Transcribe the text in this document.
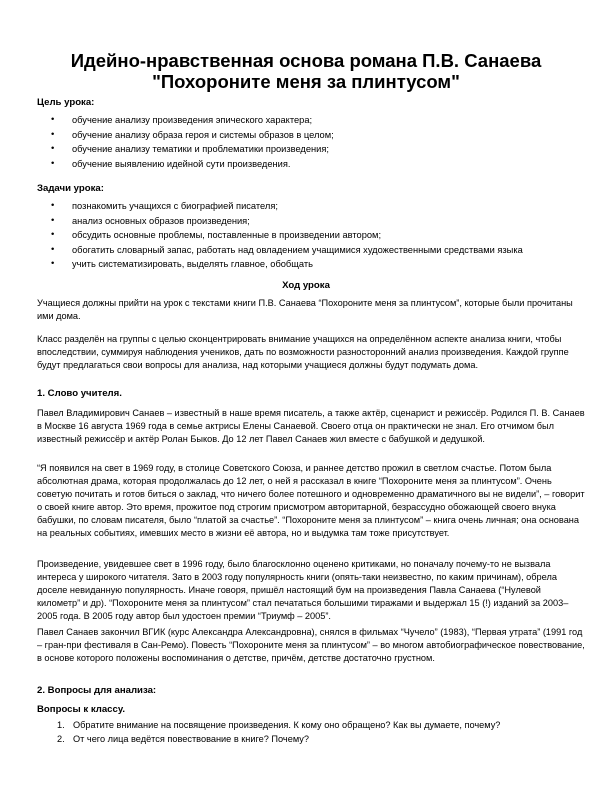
Идейно-нравственная основа романа П.В. Санаева
"Похороните меня за плинтусом"
Цель урока:
• обучение анализу произведения эпического характера;
• обучение анализу образа героя и системы образов в целом;
• обучение анализу тематики и проблематики произведения;
• обучение выявлению идейной сути произведения.
Задачи урока:
• познакомить учащихся с биографией писателя;
• анализ основных образов произведения;
• обсудить основные проблемы, поставленные в произведении автором;
• обогатить словарный запас, работать над овладением учащимися художественными средствами языка
• учить систематизировать, выделять главное, обобщать
Ход урока

Учащиеся должны прийти на урок с текстами книги П.В. Санаева “Похороните меня за плинтусом”, которые были прочитаны ими дома.

Класс разделён на группы с целью сконцентрировать внимание учащихся на определённом аспекте анализа книги, чтобы впоследствии, суммируя наблюдения учеников, дать по возможности разносторонний анализ произведения. Каждой группе будут предлагаться свои вопросы для анализа, над которыми учащиеся должны будут подумать дома.

1. Слово учителя.

Павел Владимирович Санаев – известный в наше время писатель, а также актёр, сценарист и режиссёр. Родился П. В. Санаев в Москве 16 августа 1969 года в семье актрисы Елены Санаевой. Своего отца он практически не знал. Его отчимом был известный режиссёр и актёр Ролан Быков. До 12 лет Павел Санаев жил вместе с бабушкой и дедушкой.

“Я появился на свет в 1969 году, в столице Советского Союза, и раннее детство прожил в светлом счастье. Потом была абсолютная драма, которая продолжалась до 12 лет, о ней я рассказал в книге “Похороните меня за плинтусом”. Очень советую почитать и готов биться о заклад, что ничего более потешного и одновременно драматичного вы не видели”, – говорит о своей книге автор. Это время, прожитое под строгим присмотром авторитарной, безрассудно обожающей своего внука бабушки, по словам писателя, было “платой за счастье”. “Похороните меня за плинтусом” – книга очень личная; она основана на реальных событиях, имевших место в жизни её автора, но и выдумка там тоже присутствует.

Произведение, увидевшее свет в 1996 году, было благосклонно оценено критиками, но поначалу почему-то не вызвала интереса у широкого читателя. Зато в 2003 году популярность книги (опять-таки неизвестно, по каким причинам), обрела доселе невиданную популярность. Иначе говоря, пришёл настоящий бум на произведения Павла Санаева (“Нулевой километр” и др). “Похороните меня за плинтусом” стал печататься большими тиражами и выдержал 15 (!) изданий за 2003–2005 года. В 2005 году автор был удостоен премии “Триумф – 2005”.

Павел Санаев закончил ВГИК (курс Александра Александровна), снялся в фильмах “Чучело” (1983), “Первая утрата” (1991 год – гран-при фестиваля в Сан-Ремо). Повесть “Похороните меня за плинтусом” – во многом автобиографическое повествование, в основе которого положены воспоминания о детстве, причём, детстве достаточно грустном.

2. Вопросы для анализа:
Вопросы к классу.
1. Обратите внимание на посвящение произведения. К кому оно обращено? Как вы думаете, почему?
2. От чего лица ведётся повествование в книге? Почему?
